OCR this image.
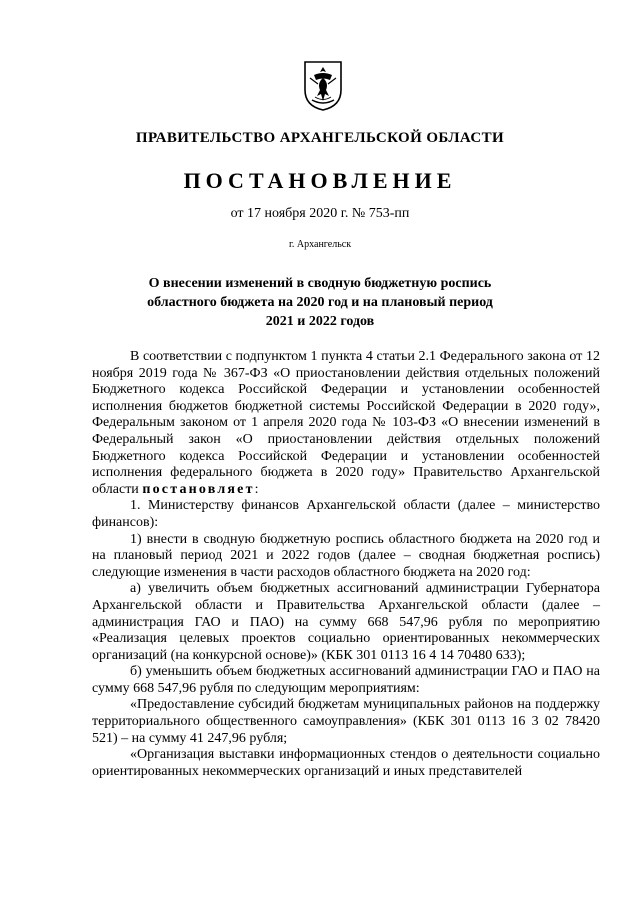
ПРАВИТЕЛЬСТВО АРХАНГЕЛЬСКОЙ ОБЛАСТИ
ПОСТАНОВЛЕНИЕ
от 17 ноября 2020 г. № 753-пп
г. Архангельск
О внесении изменений в сводную бюджетную роспись
областного бюджета на 2020 год и на плановый период
2021 и 2022 годов

В соответствии с подпунктом 1 пункта 4 статьи 2.1 Федерального закона от 12 ноября 2019 года № 367-ФЗ «О приостановлении действия отдельных положений Бюджетного кодекса Российской Федерации и установлении особенностей исполнения бюджетов бюджетной системы Российской Федерации в 2020 году», Федеральным законом от 1 апреля 2020 года № 103-ФЗ «О внесении изменений в Федеральный закон «О приостановлении действия отдельных положений Бюджетного кодекса Российской Федерации и установлении особенностей исполнения федерального бюджета в 2020 году» Правительство Архангельской области постановляет:

1. Министерству финансов Архангельской области (далее – министерство финансов):

1) внести в сводную бюджетную роспись областного бюджета на 2020 год и на плановый период 2021 и 2022 годов (далее – сводная бюджетная роспись) следующие изменения в части расходов областного бюджета на 2020 год:

а) увеличить объем бюджетных ассигнований администрации Губернатора Архангельской области и Правительства Архангельской области (далее – администрация ГАО и ПАО) на сумму 668 547,96 рубля по мероприятию «Реализация целевых проектов социально ориентированных некоммерческих организаций (на конкурсной основе)» (КБК 301 0113 16 4 14 70480 633);

б) уменьшить объем бюджетных ассигнований администрации ГАО и ПАО на сумму 668 547,96 рубля по следующим мероприятиям:

«Предоставление субсидий бюджетам муниципальных районов на поддержку территориального общественного самоуправления» (КБК 301 0113 16 3 02 78420 521) – на сумму 41 247,96 рубля;

«Организация выставки информационных стендов о деятельности социально ориентированных некоммерческих организаций и иных представителей
